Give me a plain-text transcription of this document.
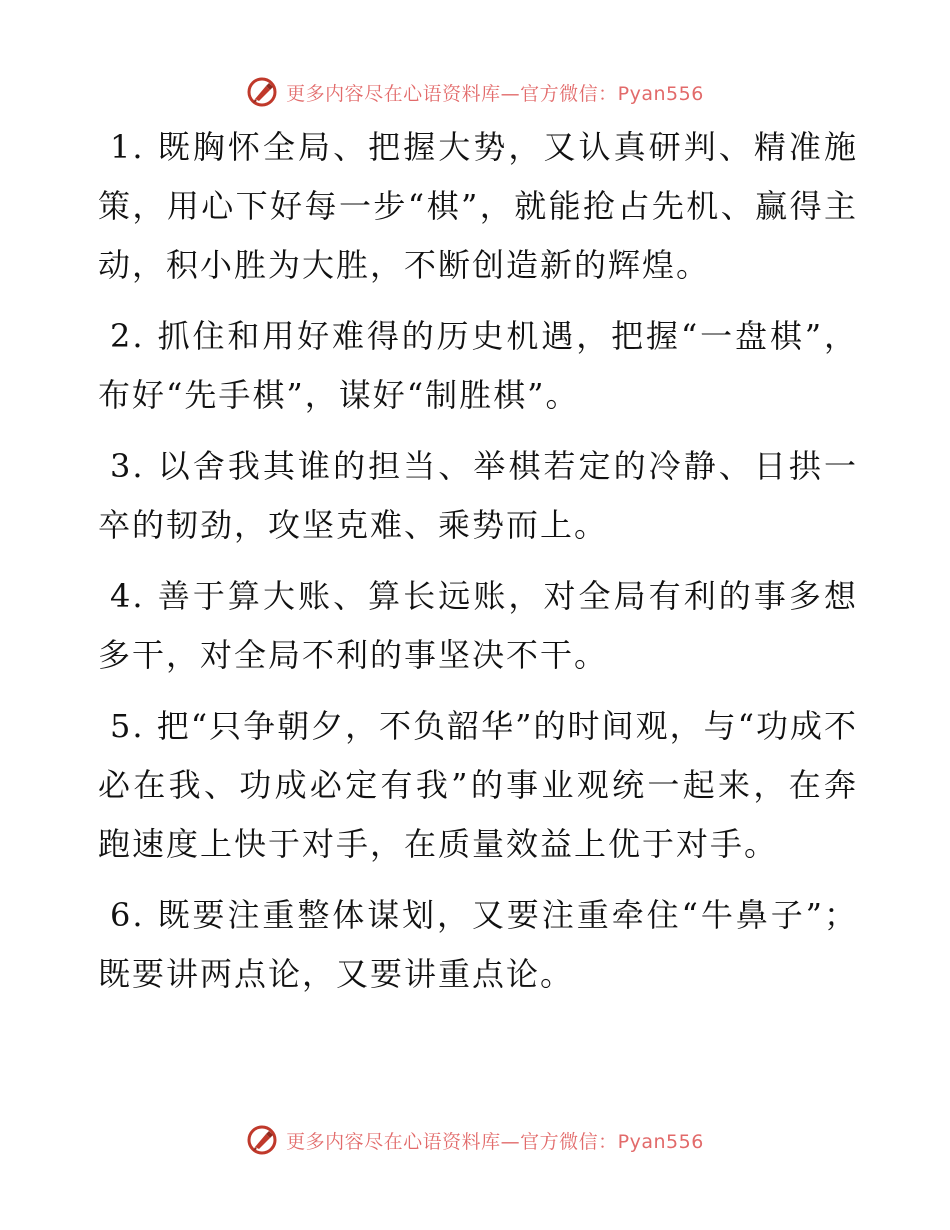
更多内容尽在心语资料库—官方微信：Pyan556

1. 既胸怀全局、把握大势，又认真研判、精准施策，用心下好每一步“棋”，就能抢占先机、赢得主动，积小胜为大胜，不断创造新的辉煌。

2. 抓住和用好难得的历史机遇，把握“一盘棋”，布好“先手棋”，谋好“制胜棋”。

3. 以舍我其谁的担当、举棋若定的冷静、日拱一卒的韧劲，攻坚克难、乘势而上。

4. 善于算大账、算长远账，对全局有利的事多想多干，对全局不利的事坚决不干。

5. 把“只争朝夕，不负韶华”的时间观，与“功成不必在我、功成必定有我”的事业观统一起来，在奔跑速度上快于对手，在质量效益上优于对手。

6. 既要注重整体谋划，又要注重牵住“牛鼻子”；既要讲两点论，又要讲重点论。

更多内容尽在心语资料库—官方微信：Pyan556
